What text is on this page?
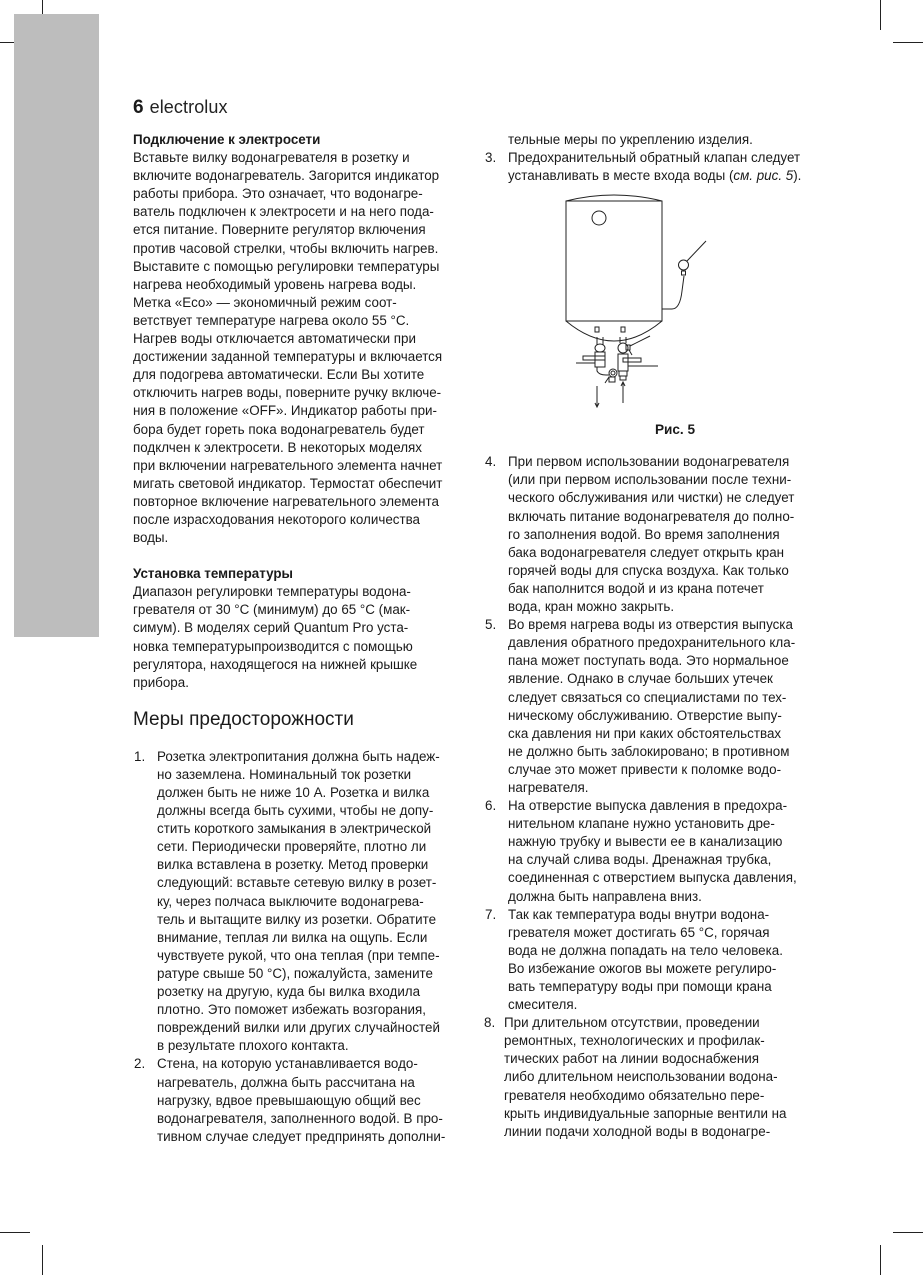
6 electrolux

Подключение к электросети

Вставьте вилку водонагревателя в розетку и

включите водонагреватель. Загорится индикатор

работы прибора. Это означает, что водонагре-

ватель подключен к электросети и на него пода-

ется питание. Поверните регулятор включения

против часовой стрелки, чтобы включить нагрев.

Выставите с помощью регулировки температуры

нагрева необходимый уровень нагрева воды.

Метка «Eco» — экономичный режим соот-

ветствует температуре нагрева около 55 °C.

Нагрев воды отключается автоматически при

достижении заданной температуры и включается

для подогрева автоматически. Если Вы хотите

отключить нагрев воды, поверните ручку включе-

ния в положение «OFF». Индикатор работы при-

бора будет гореть пока водонагреватель будет

подклчен к электросети. В некоторых моделях

при включении нагревательного элемента начнет

мигать световой индикатор. Термостат обеспечит

повторное включение нагревательного элемента

после израсходования некоторого количества

воды.

Установка температуры

Диапазон регулировки температуры водона-

гревателя от 30 °C (минимум) до 65 °C (мак-

симум). В моделях серий Quantum Pro уста-

новка температурыпроизводится с помощью

регулятора, находящегося на нижней крышке

прибора.

Меры предосторожности
1. Розетка электропитания должна быть надеж-

но заземлена. Номинальный ток розетки

должен быть не ниже 10 А. Розетка и вилка

должны всегда быть сухими, чтобы не допу-

стить короткого замыкания в электрической

сети. Периодически проверяйте, плотно ли

вилка вставлена в розетку. Метод проверки

следующий: вставьте сетевую вилку в розет-

ку, через полчаса выключите водонагрева-

тель и вытащите вилку из розетки. Обратите

внимание, теплая ли вилка на ощупь. Если

чувствуете рукой, что она теплая (при темпе-

ратуре свыше 50 °C), пожалуйста, замените

розетку на другую, куда бы вилка входила

плотно. Это поможет избежать возгорания,

повреждений вилки или других случайностей

в результате плохого контакта.

2. Стена, на которую устанавливается водо-

нагреватель, должна быть рассчитана на

нагрузку, вдвое превышающую общий вес

водонагревателя, заполненного водой. В про-

тивном случае следует предпринять дополни-

тельные меры по укреплению изделия.

3. Предохранительный обратный клапан следует

устанавливать в месте входа воды (см. рис. 5).

Рис. 5
4. При первом использовании водонагревателя

(или при первом использовании после техни-

ческого обслуживания или чистки) не следует

включать питание водонагревателя до полно-

го заполнения водой. Во время заполнения

бака водонагревателя следует открыть кран

горячей воды для спуска воздуха. Как только

бак наполнится водой и из крана потечет

вода, кран можно закрыть.

5. Во время нагрева воды из отверстия выпуска

давления обратного предохранительного кла-

пана может поступать вода. Это нормальное

явление. Однако в случае больших утечек

следует связаться со специалистами по тех-

ническому обслуживанию. Отверстие выпу-

ска давления ни при каких обстоятельствах

не должно быть заблокировано; в противном

случае это может привести к поломке водо-

нагревателя.

6. На отверстие выпуска давления в предохра-

нительном клапане нужно установить дре-

нажную трубку и вывести ее в канализацию

на случай слива воды. Дренажная трубка,

соединенная с отверстием выпуска давления,

должна быть направлена вниз.

7. Так как температура воды внутри водона-

гревателя может достигать 65 °C, горячая

вода не должна попадать на тело человека.

Во избежание ожогов вы можете регулиро-

вать температуру воды при помощи крана

смесителя.

8. При длительном отсутствии, проведении

ремонтных, технологических и профилак-

тических работ на линии водоснабжения

либо длительном неиспользовании водона-

гревателя необходимо обязательно пере-

крыть индивидуальные запорные вентили на

линии подачи холодной воды в водонагре-
